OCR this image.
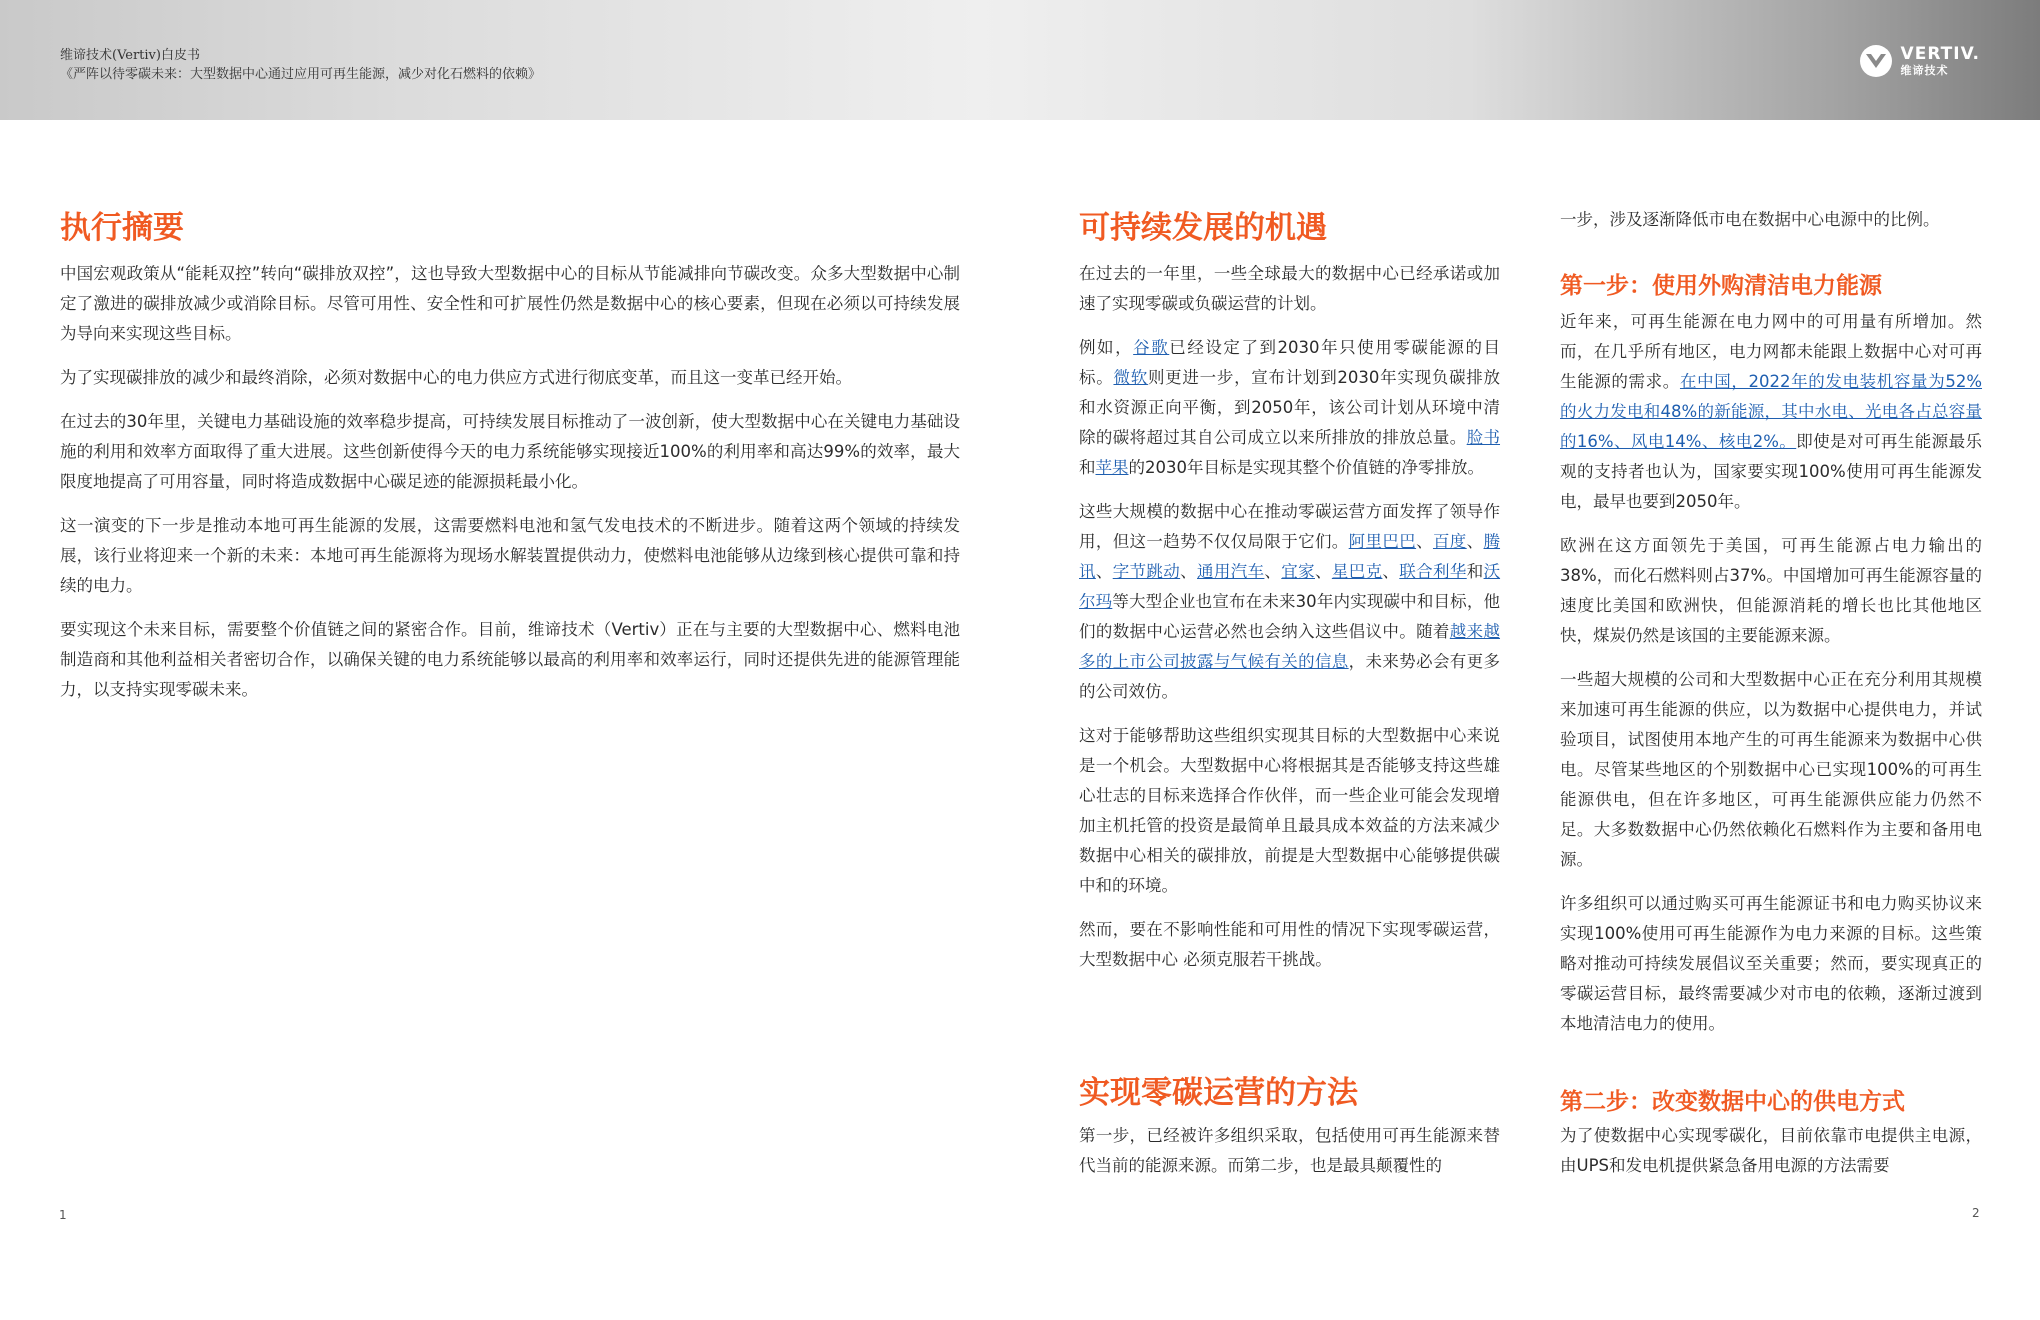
维谛技术(Vertiv)白皮书
《严阵以待零碳未来：大型数据中心通过应用可再生能源，减少对化石燃料的依赖》
VERTIV.
维谛技术
执行摘要

中国宏观政策从“能耗双控”转向“碳排放双控”，这也导致大型数据中心的目标从节能减排向节碳改变。众多大型数据中心制定了激进的碳排放减少或消除目标。尽管可用性、安全性和可扩展性仍然是数据中心的核心要素，但现在必须以可持续发展为导向来实现这些目标。

为了实现碳排放的减少和最终消除，必须对数据中心的电力供应方式进行彻底变革，而且这一变革已经开始。

在过去的30年里，关键电力基础设施的效率稳步提高，可持续发展目标推动了一波创新，使大型数据中心在关键电力基础设施的利用和效率方面取得了重大进展。这些创新使得今天的电力系统能够实现接近100%的利用率和高达99%的效率，最大限度地提高了可用容量，同时将造成数据中心碳足迹的能源损耗最小化。

这一演变的下一步是推动本地可再生能源的发展，这需要燃料电池和氢气发电技术的不断进步。随着这两个领域的持续发展，该行业将迎来一个新的未来：本地可再生能源将为现场水解装置提供动力，使燃料电池能够从边缘到核心提供可靠和持续的电力。

要实现这个未来目标，需要整个价值链之间的紧密合作。目前，维谛技术（Vertiv）正在与主要的大型数据中心、燃料电池制造商和其他利益相关者密切合作，以确保关键的电力系统能够以最高的利用率和效率运行，同时还提供先进的能源管理能力，以支持实现零碳未来。

1
可持续发展的机遇

在过去的一年里，一些全球最大的数据中心已经承诺或加速了实现零碳或负碳运营的计划。

例如，谷歌已经设定了到2030年只使用零碳能源的目标。微软则更进一步，宣布计划到2030年实现负碳排放和水资源正向平衡，到2050年，该公司计划从环境中清除的碳将超过其自公司成立以来所排放的排放总量。脸书和苹果的2030年目标是实现其整个价值链的净零排放。

这些大规模的数据中心在推动零碳运营方面发挥了领导作用，但这一趋势不仅仅局限于它们。阿里巴巴、百度、腾讯、字节跳动、通用汽车、宜家、星巴克、联合利华和沃尔玛等大型企业也宣布在未来30年内实现碳中和目标，他们的数据中心运营必然也会纳入这些倡议中。随着越来越多的上市公司披露与气候有关的信息，未来势必会有更多的公司效仿。

这对于能够帮助这些组织实现其目标的大型数据中心来说是一个机会。大型数据中心将根据其是否能够支持这些雄心壮志的目标来选择合作伙伴，而一些企业可能会发现增加主机托管的投资是最简单且最具成本效益的方法来减少数据中心相关的碳排放，前提是大型数据中心能够提供碳中和的环境。

然而，要在不影响性能和可用性的情况下实现零碳运营，大型数据中心 必须克服若干挑战。

实现零碳运营的方法

第一步，已经被许多组织采取，包括使用可再生能源来替代当前的能源来源。而第二步，也是最具颠覆性的

一步，涉及逐渐降低市电在数据中心电源中的比例。

第一步：使用外购清洁电力能源

近年来，可再生能源在电力网中的可用量有所增加。然而，在几乎所有地区，电力网都未能跟上数据中心对可再生能源的需求。在中国，2022年的发电装机容量为52%的火力发电和48%的新能源，其中水电、光电各占总容量的16%、风电14%、核电2%。即使是对可再生能源最乐观的支持者也认为，国家要实现100%使用可再生能源发电，最早也要到2050年。

欧洲在这方面领先于美国，可再生能源占电力输出的38%，而化石燃料则占37%。中国增加可再生能源容量的速度比美国和欧洲快，但能源消耗的增长也比其他地区快，煤炭仍然是该国的主要能源来源。

一些超大规模的公司和大型数据中心正在充分利用其规模来加速可再生能源的供应，以为数据中心提供电力，并试验项目，试图使用本地产生的可再生能源来为数据中心供电。尽管某些地区的个别数据中心已实现100%的可再生能源供电，但在许多地区，可再生能源供应能力仍然不足。大多数数据中心仍然依赖化石燃料作为主要和备用电源。

许多组织可以通过购买可再生能源证书和电力购买协议来实现100%使用可再生能源作为电力来源的目标。这些策略对推动可持续发展倡议至关重要；然而，要实现真正的零碳运营目标，最终需要减少对市电的依赖，逐渐过渡到本地清洁电力的使用。

第二步：改变数据中心的供电方式

为了使数据中心实现零碳化，目前依靠市电提供主电源，由UPS和发电机提供紧急备用电源的方法需要

2
